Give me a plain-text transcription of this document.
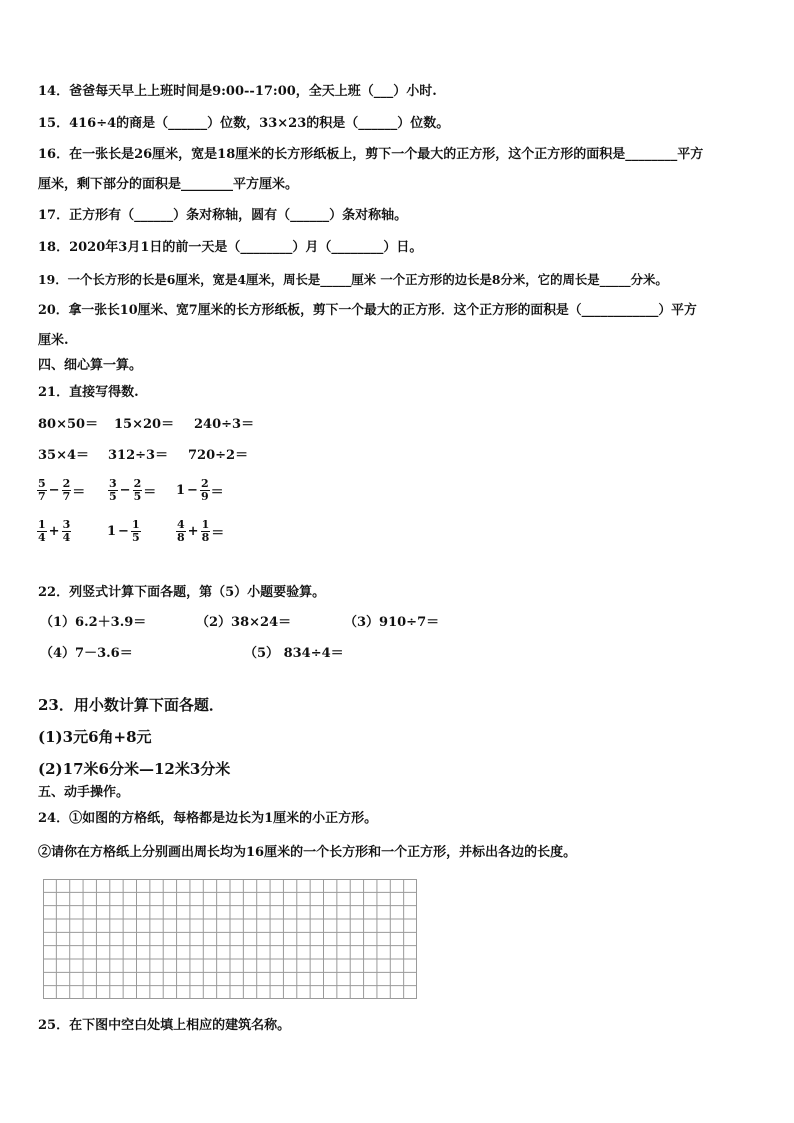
14．爸爸每天早上上班时间是9:00--17:00，全天上班（___）小时.
15．416÷4的商是（______）位数，33×23的积是（______）位数。
16．在一张长是26厘米，宽是18厘米的长方形纸板上，剪下一个最大的正方形，这个正方形的面积是________平方
厘米，剩下部分的面积是________平方厘米。
17．正方形有（______）条对称轴，圆有（______）条对称轴。
18．2020年3月1日的前一天是（________）月（________）日。
19．一个长方形的长是6厘米，宽是4厘米，周长是_____厘米 一个正方形的边长是8分米，它的周长是_____分米。
20．拿一张长10厘米、宽7厘米的长方形纸板，剪下一个最大的正方形．这个正方形的面积是（____________）平方
厘米.
四、细心算一算。
21．直接写得数.
80×50＝ 15×20＝ 240÷3＝
35×4＝ 312÷3＝ 720÷2＝
$\frac{5}{7} - \frac{2}{7} = \frac{3}{5} - \frac{2}{5} = 1 - \frac{2}{9}$ ＝
$\frac{1}{4} + \frac{3}{4}$	$1 - \frac{1}{5}$	$\frac{4}{8} + \frac{1}{8}$ ＝
22．列竖式计算下面各题，第（5）小题要验算。
（1）6.2＋3.9＝	（2）38×24＝	（3）910÷7＝
（4）7－3.6＝	（5） 834÷4＝
23．用小数计算下面各题．
(1)3元6角+8元
(2)17米6分米—12米3分米
五、动手操作。
24．①如图的方格纸，每格都是边长为1厘米的小正方形。
②请你在方格纸上分别画出周长均为16厘米的一个长方形和一个正方形，并标出各边的长度。
25．在下图中空白处填上相应的建筑名称。
